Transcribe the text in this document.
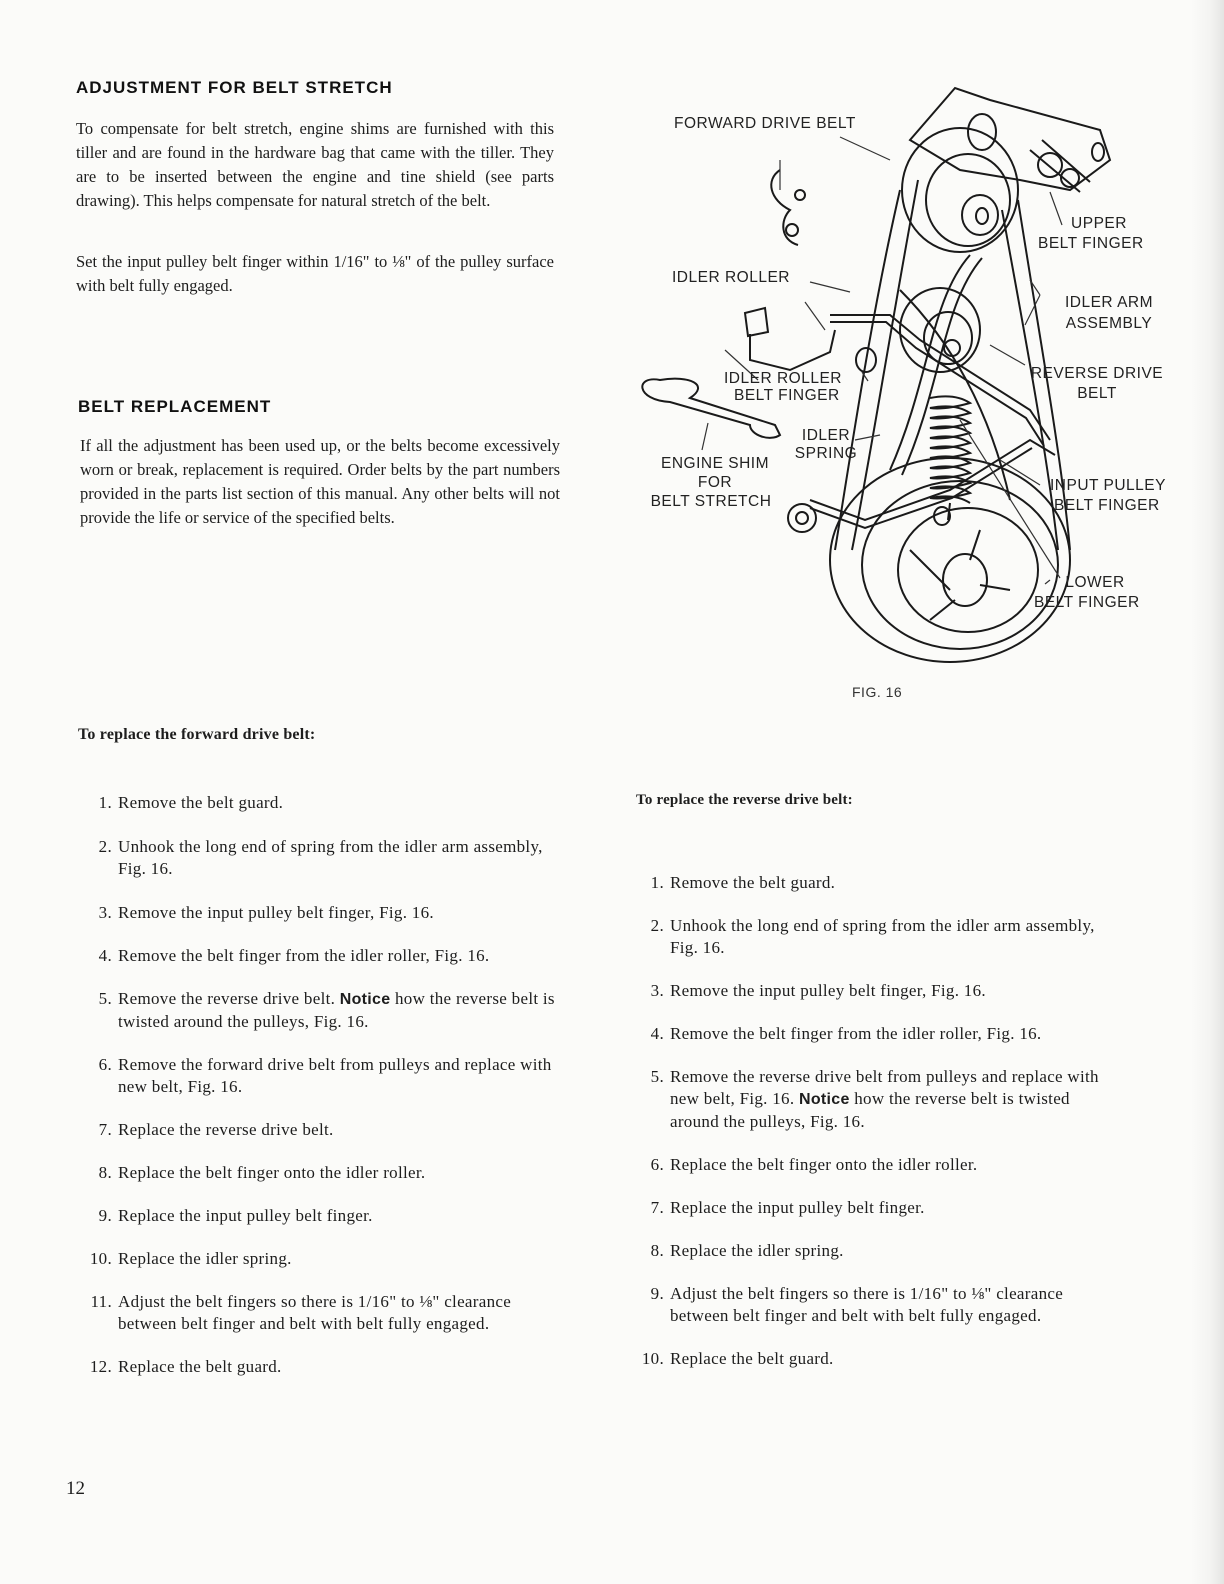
ADJUSTMENT FOR BELT STRETCH

To compensate for belt stretch, engine shims are furnished with this tiller and are found in the hardware bag that came with the tiller. They are to be inserted between the engine and tine shield (see parts drawing). This helps compensate for natural stretch of the belt.

Set the input pulley belt finger within 1/16" to ⅛" of the pulley surface with belt fully engaged.

BELT REPLACEMENT

If all the adjustment has been used up, or the belts become excessively worn or break, replacement is required. Order belts by the part numbers provided in the parts list section of this manual. Any other belts will not provide the life or service of the specified belts.

FORWARD DRIVE BELT
UPPER
BELT FINGER
IDLER ROLLER
IDLER ARM
ASSEMBLY
REVERSE DRIVE
BELT
IDLER ROLLER
BELT FINGER
IDLER
SPRING
ENGINE SHIM
FOR
BELT STRETCH
INPUT PULLEY
BELT FINGER
LOWER
BELT FINGER
FIG. 16
To replace the forward drive belt:
1. Remove the belt guard.
2. Unhook the long end of spring from the idler arm assembly, Fig. 16.
3. Remove the input pulley belt finger, Fig. 16.
4. Remove the belt finger from the idler roller, Fig. 16.
5. Remove the reverse drive belt. Notice how the reverse belt is twisted around the pulleys, Fig. 16.
6. Remove the forward drive belt from pulleys and replace with new belt, Fig. 16.
7. Replace the reverse drive belt.
8. Replace the belt finger onto the idler roller.
9. Replace the input pulley belt finger.
10. Replace the idler spring.
11. Adjust the belt fingers so there is 1/16" to ⅛" clearance between belt finger and belt with belt fully engaged.
12. Replace the belt guard.
To replace the reverse drive belt:
1. Remove the belt guard.
2. Unhook the long end of spring from the idler arm assembly, Fig. 16.
3. Remove the input pulley belt finger, Fig. 16.
4. Remove the belt finger from the idler roller, Fig. 16.
5. Remove the reverse drive belt from pulleys and replace with new belt, Fig. 16. Notice how the reverse belt is twisted around the pulleys, Fig. 16.
6. Replace the belt finger onto the idler roller.
7. Replace the input pulley belt finger.
8. Replace the idler spring.
9. Adjust the belt fingers so there is 1/16" to ⅛" clearance between belt finger and belt with belt fully engaged.
10. Replace the belt guard.
12
